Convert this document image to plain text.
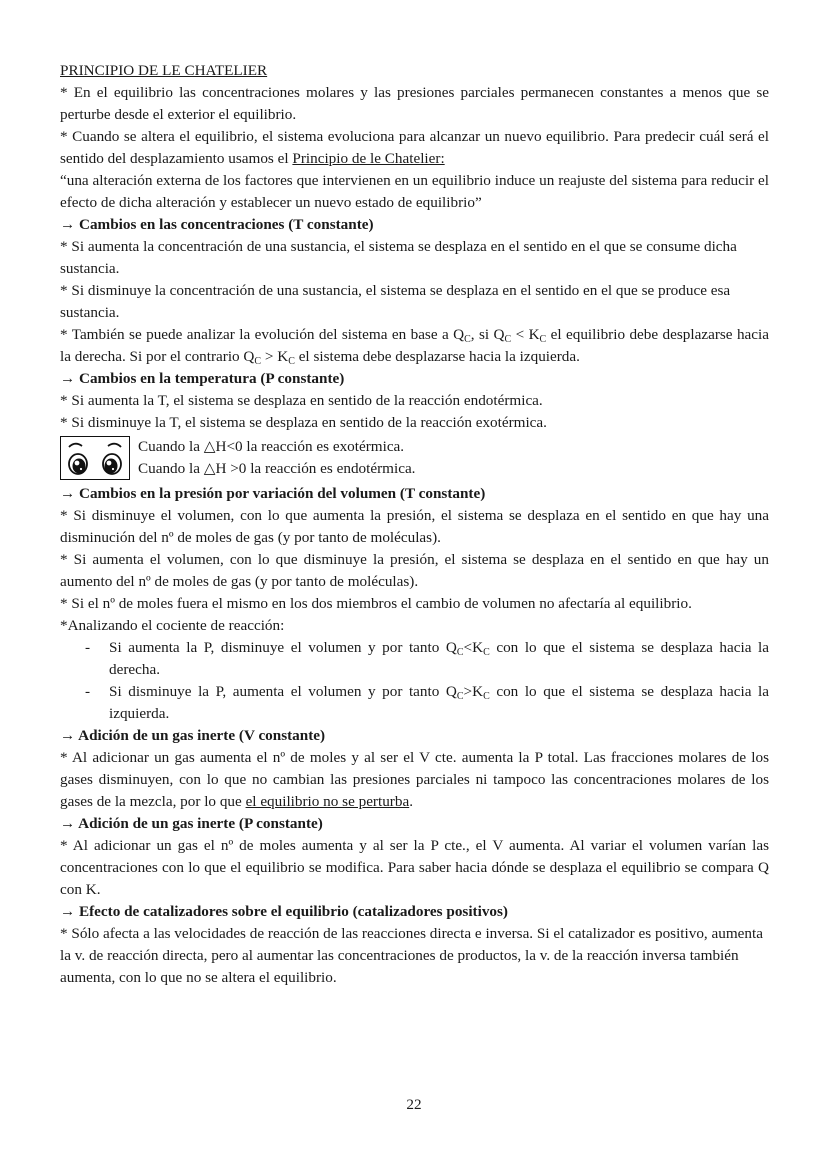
PRINCIPIO DE LE CHATELIER

* En el equilibrio las concentraciones molares y las presiones parciales permanecen constantes a menos que se perturbe desde el exterior el equilibrio.

* Cuando se altera el equilibrio, el sistema evoluciona para alcanzar un nuevo equilibrio. Para predecir cuál será el sentido del desplazamiento usamos el Principio de le Chatelier:

“una alteración externa de los factores que intervienen en un equilibrio induce un reajuste del sistema para reducir el efecto de dicha alteración y establecer un nuevo estado de equilibrio”

→ Cambios en las concentraciones (T constante)

* Si aumenta la concentración de una sustancia, el sistema se desplaza en el sentido en el que se consume dicha sustancia.

* Si disminuye la concentración de una sustancia, el sistema se desplaza en el sentido en el que se produce esa sustancia.

* También se puede analizar la evolución del sistema en base a $Q_C$, si $Q_C < K_C$ el equilibrio debe desplazarse hacia la derecha. Si por el contrario $Q_C > K_C$ el sistema debe desplazarse hacia la izquierda.

→ Cambios en la temperatura (P constante)

* Si aumenta la T, el sistema se desplaza en sentido de la reacción endotérmica.

* Si disminuye la T, el sistema se desplaza en sentido de la reacción exotérmica.

Cuando la △H<0 la reacción es exotérmica.

Cuando la △H >0 la reacción es endotérmica.

→ Cambios en la presión por variación del volumen (T constante)

* Si disminuye el volumen, con lo que aumenta la presión, el sistema se desplaza en el sentido en que hay una disminución del nº de moles de gas (y por tanto de moléculas).

* Si aumenta el volumen, con lo que disminuye la presión, el sistema se desplaza en el sentido en que hay un aumento del nº de moles de gas (y por tanto de moléculas).

* Si el nº de moles fuera el mismo en los dos miembros el cambio de volumen no afectaría al equilibrio.

*Analizando el cociente de reacción:

- Si aumenta la P, disminuye el volumen y por tanto $Q_C<K_C$ con lo que el sistema se desplaza hacia la derecha.
- Si disminuye la P, aumenta el volumen y por tanto $Q_C>K_C$ con lo que el sistema se desplaza hacia la izquierda.

→ Adición de un gas inerte (V constante)

* Al adicionar un gas aumenta el nº de moles y al ser el V cte. aumenta la P total. Las fracciones molares de los gases disminuyen, con lo que no cambian las presiones parciales ni tampoco las concentraciones molares de los gases de la mezcla, por lo que el equilibrio no se perturba.

→ Adición de un gas inerte (P constante)

* Al adicionar un gas el nº de moles aumenta y al ser la P cte., el V aumenta. Al variar el volumen varían las concentraciones con lo que el equilibrio se modifica. Para saber hacia dónde se desplaza el equilibrio se compara Q con K.

→ Efecto de catalizadores sobre el equilibrio (catalizadores positivos)

* Sólo afecta a las velocidades de reacción de las reacciones directa e inversa. Si el catalizador es positivo, aumenta la v. de reacción directa, pero al aumentar las concentraciones de productos, la v. de la reacción inversa también aumenta, con lo que no se altera el equilibrio.

22
